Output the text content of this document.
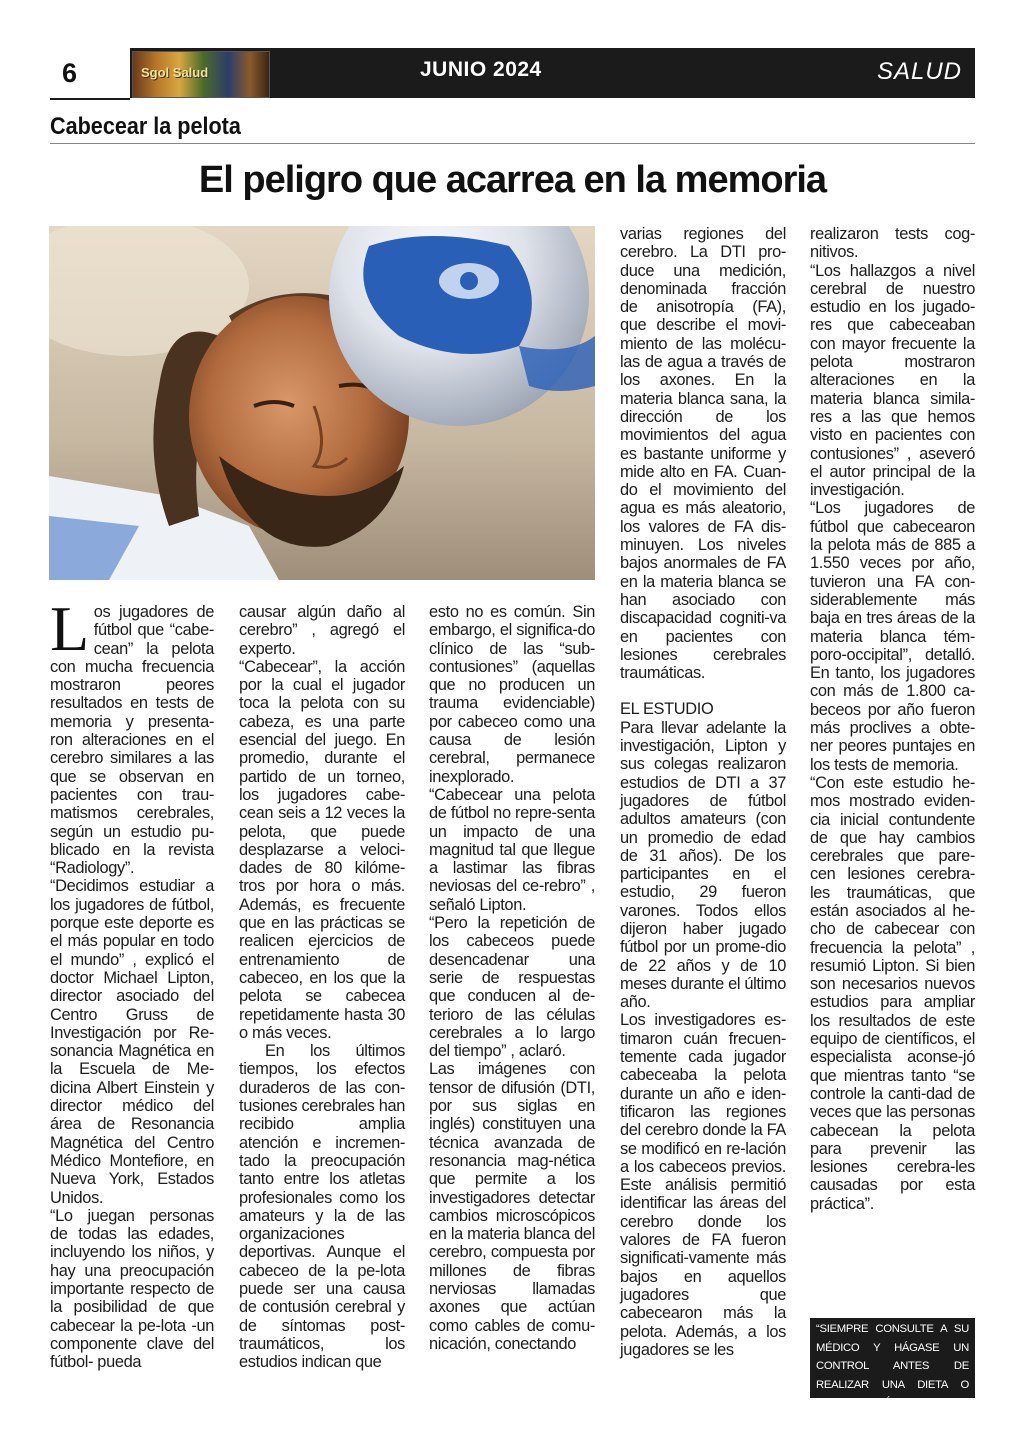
6	Sgol Salud	JUNIO 2024	SALUD
Cabecear la pelota
El peligro que acarrea en la memoria

Los jugadores de fútbol que “cabe-cean” la pelota con mucha frecuencia mostraron peores resultados en tests de memoria y presenta-ron alteraciones en el cerebro similares a las que se observan en pacientes con trau-matismos cerebrales, según un estudio pu-blicado en la revista “Radiology”.

“Decidimos estudiar a los jugadores de fútbol, porque este deporte es el más popular en todo el mundo” , explicó el doctor Michael Lipton, director asociado del Centro Gruss de Investigación por Re-sonancia Magnética en la Escuela de Me-dicina Albert Einstein y director médico del área de Resonancia Magnética del Centro Médico Montefiore, en Nueva York, Estados Unidos.

“Lo juegan personas de todas las edades, incluyendo los niños, y hay una preocupación importante respecto de la posibilidad de que cabecear la pe-lota -un componente clave del fútbol- pueda

causar algún daño al cerebro” , agregó el experto.

“Cabecear”, la acción por la cual el jugador toca la pelota con su cabeza, es una parte esencial del juego. En promedio, durante el partido de un torneo, los jugadores cabe-cean seis a 12 veces la pelota, que puede desplazarse a veloci-dades de 80 kilóme-tros por hora o más. Además, es frecuente que en las prácticas se realicen ejercicios de entrenamiento de cabeceo, en los que la pelota se cabecea repetidamente hasta 30 o más veces.

En los últimos tiempos, los efectos duraderos de las con-tusiones cerebrales han recibido amplia atención e incremen-tado la preocupación tanto entre los atletas profesionales como los amateurs y la de las organizaciones deportivas. Aunque el cabeceo de la pe-lota puede ser una causa de contusión cerebral y de síntomas post-traumáticos, los estudios indican que

esto no es común. Sin embargo, el significa-do clínico de las “sub-contusiones” (aquellas que no producen un trauma evidenciable) por cabeceo como una causa de lesión cerebral, permanece inexplorado.

“Cabecear una pelota de fútbol no repre-senta un impacto de una magnitud tal que llegue a lastimar las fibras neviosas del ce-rebro” , señaló Lipton.

“Pero la repetición de los cabeceos puede desencadenar una serie de respuestas que conducen al de-terioro de las células cerebrales a lo largo del tiempo” , aclaró.

Las imágenes con tensor de difusión (DTI, por sus siglas en inglés) constituyen una técnica avanzada de resonancia mag-nética que permite a los investigadores detectar cambios microscópicos en la materia blanca del cerebro, compuesta por millones de fibras nerviosas llamadas axones que actúan como cables de comu-nicación, conectando

varias regiones del cerebro. La DTI pro-duce una medición, denominada fracción de anisotropía (FA), que describe el movi-miento de las molécu-las de agua a través de los axones. En la materia blanca sana, la dirección de los movimientos del agua es bastante uniforme y mide alto en FA. Cuan-do el movimiento del agua es más aleatorio, los valores de FA dis-minuyen. Los niveles bajos anormales de FA en la materia blanca se han asociado con discapacidad cogniti-va en pacientes con lesiones cerebrales traumáticas.

EL ESTUDIO

Para llevar adelante la investigación, Lipton y sus colegas realizaron estudios de DTI a 37 jugadores de fútbol adultos amateurs (con un promedio de edad de 31 años). De los participantes en el estudio, 29 fueron varones. Todos ellos dijeron haber jugado fútbol por un prome-dio de 22 años y de 10 meses durante el último año.

Los investigadores es-timaron cuán frecuen-temente cada jugador cabeceaba la pelota durante un año e iden-tificaron las regiones del cerebro donde la FA se modificó en re-lación a los cabeceos previos. Este análisis permitió identificar las áreas del cerebro donde los valores de FA fueron significati-vamente más bajos en aquellos jugadores que cabecearon más la pelota. Además, a los jugadores se les

realizaron tests cog-nitivos.

“Los hallazgos a nivel cerebral de nuestro estudio en los jugado-res que cabeceaban con mayor frecuente la pelota mostraron alteraciones en la materia blanca simila-res a las que hemos visto en pacientes con contusiones” , aseveró el autor principal de la investigación.

“Los jugadores de fútbol que cabecearon la pelota más de 885 a 1.550 veces por año, tuvieron una FA con-siderablemente más baja en tres áreas de la materia blanca tém-poro-occipital”, detalló. En tanto, los jugadores con más de 1.800 ca-beceos por año fueron más proclives a obte-ner peores puntajes en los tests de memoria.

“Con este estudio he-mos mostrado eviden-cia inicial contundente de que hay cambios cerebrales que pare-cen lesiones cerebra-les traumáticas, que están asociados al he-cho de cabecear con frecuencia la pelota” , resumió Lipton. Si bien son necesarios nuevos estudios para ampliar los resultados de este equipo de científicos, el especialista aconse-jó que mientras tanto “se controle la canti-dad de veces que las personas cabecean la pelota para prevenir las lesiones cerebra-les causadas por esta práctica”.

“SIEMPRE CONSULTE A SU MÉDICO Y HÁGASE UN CONTROL ANTES DE REALIZAR UNA DIETA O ACTIVADAD FÍSICA”
